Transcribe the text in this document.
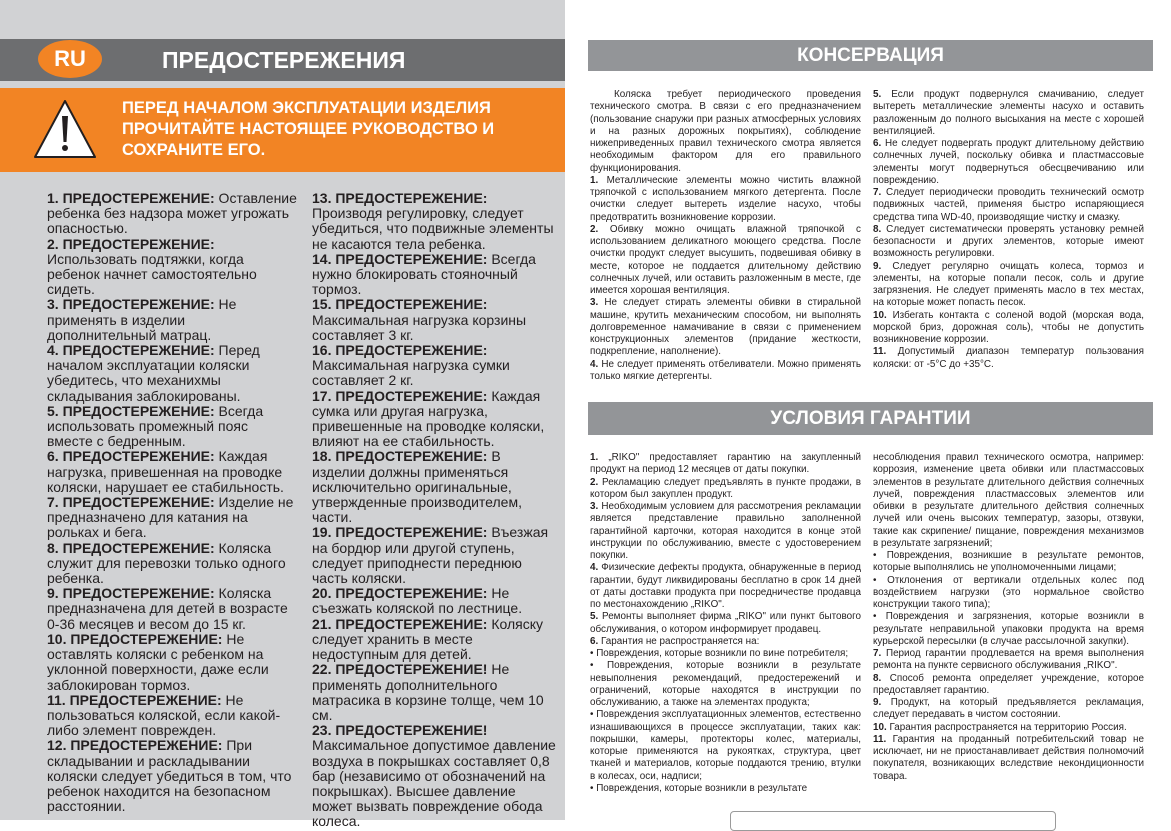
RU	ПРЕДОСТЕРЕЖЕНИЯ
ПЕРЕД НАЧАЛОМ ЭКСПЛУАТАЦИИ ИЗДЕЛИЯ ПРОЧИТАЙТЕ НАСТОЯЩЕЕ РУКОВОДСТВО И СОХРАНИТЕ ЕГО.
1. ПРЕДОСТЕРЕЖЕНИЕ: Оставление ребенка без надзора может угрожать опасностью.
2. ПРЕДОСТЕРЕЖЕНИЕ: Использовать подтяжки, когда ребенок начнет самостоятельно сидеть.
3. ПРЕДОСТЕРЕЖЕНИЕ: Не применять в изделии дополнительный матрац.
4. ПРЕДОСТЕРЕЖЕНИЕ: Перед началом эксплуатации коляски убедитесь, что механихмы складывания заблокированы.
5. ПРЕДОСТЕРЕЖЕНИЕ: Всегда использовать промежный пояс вместе с бедренным.
6. ПРЕДОСТЕРЕЖЕНИЕ: Каждая нагрузка, привешенная на проводке коляски, нарушает ее стабильность.
7. ПРЕДОСТЕРЕЖЕНИЕ: Изделие не предназначено для катания на рольках и бега.
8. ПРЕДОСТЕРЕЖЕНИЕ: Коляска служит для перевозки только одного ребенка.
9. ПРЕДОСТЕРЕЖЕНИЕ: Коляска предназначена для детей в возрасте 0-36 месяцев и весом до 15 кг.
10. ПРЕДОСТЕРЕЖЕНИЕ: Не оставлять коляски с ребенком на уклонной поверхности, даже если заблокирован тормоз.
11. ПРЕДОСТЕРЕЖЕНИЕ: Не пользоваться коляской, если какой-либо элемент поврежден.
12. ПРЕДОСТЕРЕЖЕНИЕ: При складывании и раскладывании коляски следует убедиться в том, что ребенок находится на безопасном расстоянии.
13. ПРЕДОСТЕРЕЖЕНИЕ: Производя регулировку, следует убедиться, что подвижные элементы не касаются тела ребенка.
14. ПРЕДОСТЕРЕЖЕНИЕ: Всегда нужно блокировать стояночный тормоз.
15. ПРЕДОСТЕРЕЖЕНИЕ: Максимальная нагрузка корзины составляет 3 кг.
16. ПРЕДОСТЕРЕЖЕНИЕ: Максимальная нагрузка сумки составляет 2 кг.
17. ПРЕДОСТЕРЕЖЕНИЕ: Каждая сумка или другая нагрузка, привешенные на проводке коляски, влияют на ее стабильность.
18. ПРЕДОСТЕРЕЖЕНИЕ: В изделии должны применяться исключительно оригинальные, утвержденные производителем, части.
19. ПРЕДОСТЕРЕЖЕНИЕ: Въезжая на бордюр или другой ступень, следует приподнести переднюю часть коляски.
20. ПРЕДОСТЕРЕЖЕНИЕ: Не съезжать коляской по лестнице.
21. ПРЕДОСТЕРЕЖЕНИЕ: Коляску следует хранить в месте недоступным для детей.
22. ПРЕДОСТЕРЕЖЕНИЕ! Не применять дополнительного матрасика в корзине толще, чем 10 см.
23. ПРЕДОСТЕРЕЖЕНИЕ! Максимальное допустимое давление воздуха в покрышках составляет 0,8 бар (независимо от обозначений на покрышках). Высшее давление может вызвать повреждение обода колеса.
КОНСЕРВАЦИЯ

Коляска требует периодического проведения технического смотра. В связи с его предназначением (пользование снаружи при разных атмосферных условиях и на разных дорожных покрытиях), соблюдение нижеприведенных правил технического смотра является необходимым фактором для его правильного функционирования.

1. Металлические элементы можно чистить влажной тряпочкой с использованием мягкого детергента. После очистки следует вытереть изделие насухо, чтобы предотвратить возникновение коррозии.

2. Обивку можно очищать влажной тряпочкой с использованием деликатного моющего средства. После очистки продукт следует высушить, подвешивая обивку в месте, которое не поддается длительному действию солнечных лучей, или оставить разложенным в месте, где имеется хорошая вентиляция.

3. Не следует стирать элементы обивки в стиральной машине, крутить механическим способом, ни выполнять долговременное намачивание в связи с применением конструкционных элементов (придание жесткости, подкрепление, наполнение).

4. Не следует применять отбеливатели. Можно применять только мягкие детергенты.

5. Если продукт подвернулся смачиванию, следует вытереть металлические элементы насухо и оставить разложенным до полного высыхания на месте с хорошей вентиляцией.

6. Не следует подвергать продукт длительному действию солнечных лучей, поскольку обивка и пластмассовые элементы могут подвернуться обесцвечиванию или повреждению.

7. Следует периодически проводить технический осмотр подвижных частей, применяя быстро испаряющиеся средства типа WD-40, производящие чистку и смазку.

8. Следует систематически проверять установку ремней безопасности и других элементов, которые имеют возможность регулировки.

9. Следует регулярно очищать колеса, тормоз и элементы, на которые попали песок, соль и другие загрязнения. Не следует применять масло в тех местах, на которые может попасть песок.

10. Избегать контакта с соленой водой (морская вода, морской бриз, дорожная соль), чтобы не допустить возникновение коррозии.

11. Допустимый диапазон температур пользования коляски: от -5°С до +35°С.

УСЛОВИЯ ГАРАНТИИ

1. „RIKO" предоставляет гарантию на закупленный продукт на период 12 месяцев от даты покупки.

2. Рекламацию следует предъявлять в пункте продажи, в котором был закуплен продукт.

3. Необходимым условием для рассмотрения рекламации является представление правильно заполненной гарантийной карточки, которая находится в конце этой инструкции по обслуживанию, вместе с удостоверением покупки.

4. Физические дефекты продукта, обнаруженные в период гарантии, будут ликвидированы бесплатно в срок 14 дней от даты доставки продукта при посредничестве продавца по местонахождению „RIKO".

5. Ремонты выполняет фирма „RIKO" или пункт бытового обслуживания, о котором информирует продавец.

6. Гарантия не распространяется на:

• Повреждения, которые возникли по вине потребителя;

• Повреждения, которые возникли в результате невыполнения рекомендаций, предостережений и ограничений, которые находятся в инструкции по обслуживанию, а также на элементах продукта;

• Повреждения эксплуатационных элементов, естественно изнашивающихся в процессе эксплуатации, таких как: покрышки, камеры, протекторы колес, материалы, которые применяются на рукоятках, структура, цвет тканей и материалов, которые поддаются трению, втулки в колесах, оси, надписи;

• Повреждения, которые возникли в результате

несоблюдения правил технического осмотра, например: коррозия, изменение цвета обивки или пластмассовых элементов в результате длительного действия солнечных лучей, повреждения пластмассовых элементов или обивки в результате длительного действия солнечных лучей или очень высоких температур, зазоры, отзвуки, такие как скрипение/ пищание, повреждения механизмов в результате загрязнений;

• Повреждения, возникшие в результате ремонтов, которые выполнялись не уполномоченными лицами;

• Отклонения от вертикали отдельных колес под воздействием нагрузки (это нормальное свойство конструкции такого типа);

• Повреждения и загрязнения, которые возникли в результате неправильной упаковки продукта на время курьерской пересылки (в случае рассылочной закупки).

7. Период гарантии продлевается на время выполнения ремонта на пункте сервисного обслуживания „RIKO".

8. Способ ремонта определяет учреждение, которое предоставляет гарантию.

9. Продукт, на который предъявляется рекламация, следует передавать в чистом состоянии.

10. Гарантия распространяется на территорию Россия.

11. Гарантия на проданный потребительский товар не исключает, ни не приостанавливает действия полномочий покупателя, возникающих вследствие некондиционности товара.
